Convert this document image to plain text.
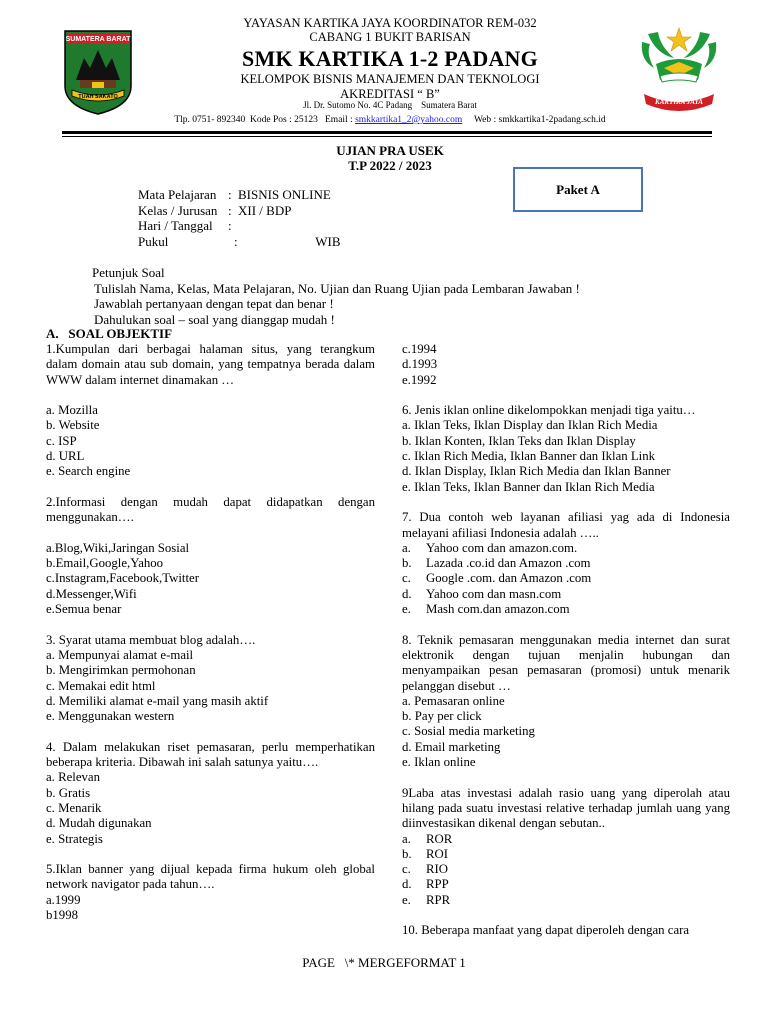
SUMATERA BARAT
TUAH SAKATO
KARTIKA JAYA
YAYASAN KARTIKA JAYA KOORDINATOR REM-032
CABANG 1 BUKIT BARISAN
SMK KARTIKA 1-2 PADANG
KELOMPOK BISNIS MANAJEMEN DAN TEKNOLOGI
AKREDITASI “ B”
Jl. Dr. Sutomo No. 4C Padang    Sumatera Barat
Tlp. 0751- 892340  Kode Pos : 25123   Email : smkkartika1_2@yahoo.com     Web : smkkartika1-2padang.sch.id
UJIAN PRA USEK
T.P 2022 / 2023
Paket A
Mata Pelajaran : BISNIS ONLINE
Kelas / Jurusan : XII / BDP
Hari / Tanggal	:
Pukul	: WIB
Petunjuk Soal
Tulislah Nama, Kelas, Mata Pelajaran, No. Ujian dan Ruang Ujian pada Lembaran Jawaban !
Jawablah pertanyaan dengan tepat dan benar !
Dahulukan soal – soal yang dianggap mudah !
A.   SOAL OBJEKTIF

1.Kumpulan dari berbagai halaman situs, yang terangkum dalam domain atau sub domain, yang tempatnya berada dalam WWW dalam internet dinamakan …

a. Mozilla
b. Website
c. ISP
d. URL
e. Search engine

2.Informasi dengan mudah dapat didapatkan dengan menggunakan….

a.Blog,Wiki,Jaringan Sosial
b.Email,Google,Yahoo
c.Instagram,Facebook,Twitter
d.Messenger,Wifi
e.Semua benar

3. Syarat utama membuat blog adalah….

a. Mempunyai alamat e-mail
b. Mengirimkan permohonan
c. Memakai edit html
d. Memiliki alamat e-mail yang masih aktif
e. Menggunakan western

4. Dalam melakukan riset pemasaran, perlu memperhatikan beberapa kriteria. Dibawah ini salah satunya yaitu….

a. Relevan
b. Gratis
c. Menarik
d. Mudah digunakan
e. Strategis

5.Iklan banner yang dijual kepada firma hukum oleh global network navigator pada tahun….

a.1999
b1998
c.1994
d.1993
e.1992

6. Jenis iklan online dikelompokkan menjadi tiga yaitu…

a. Iklan Teks, Iklan Display dan Iklan Rich Media
b. Iklan Konten, Iklan Teks dan Iklan Display
c. Iklan Rich Media, Iklan Banner dan Iklan Link
d. Iklan Display, Iklan Rich Media dan Iklan Banner
e. Iklan Teks, Iklan Banner dan Iklan Rich Media

7. Dua contoh web layanan afiliasi yag ada di Indonesia melayani afiliasi Indonesia adalah …..

a.	Yahoo com dan amazon.com.
b.	Lazada .co.id dan Amazon .com
c.	Google .com. dan Amazon .com
d.	Yahoo com dan masn.com
e.	Mash com.dan amazon.com

8. Teknik pemasaran menggunakan media internet dan surat elektronik dengan tujuan menjalin hubungan dan menyampaikan pesan pemasaran (promosi) untuk menarik pelanggan disebut …

a. Pemasaran online
b. Pay per click
c. Sosial media marketing
d. Email marketing
e. Iklan online

9Laba atas investasi adalah rasio uang yang diperolah atau hilang pada suatu investasi relative terhadap jumlah uang yang diinvestasikan dikenal dengan sebutan..

a.	ROR
b.	ROI
c.	RIO
d.	RPP
e.	RPR

10. Beberapa manfaat yang dapat diperoleh dengan cara

PAGE   \* MERGEFORMAT 1
